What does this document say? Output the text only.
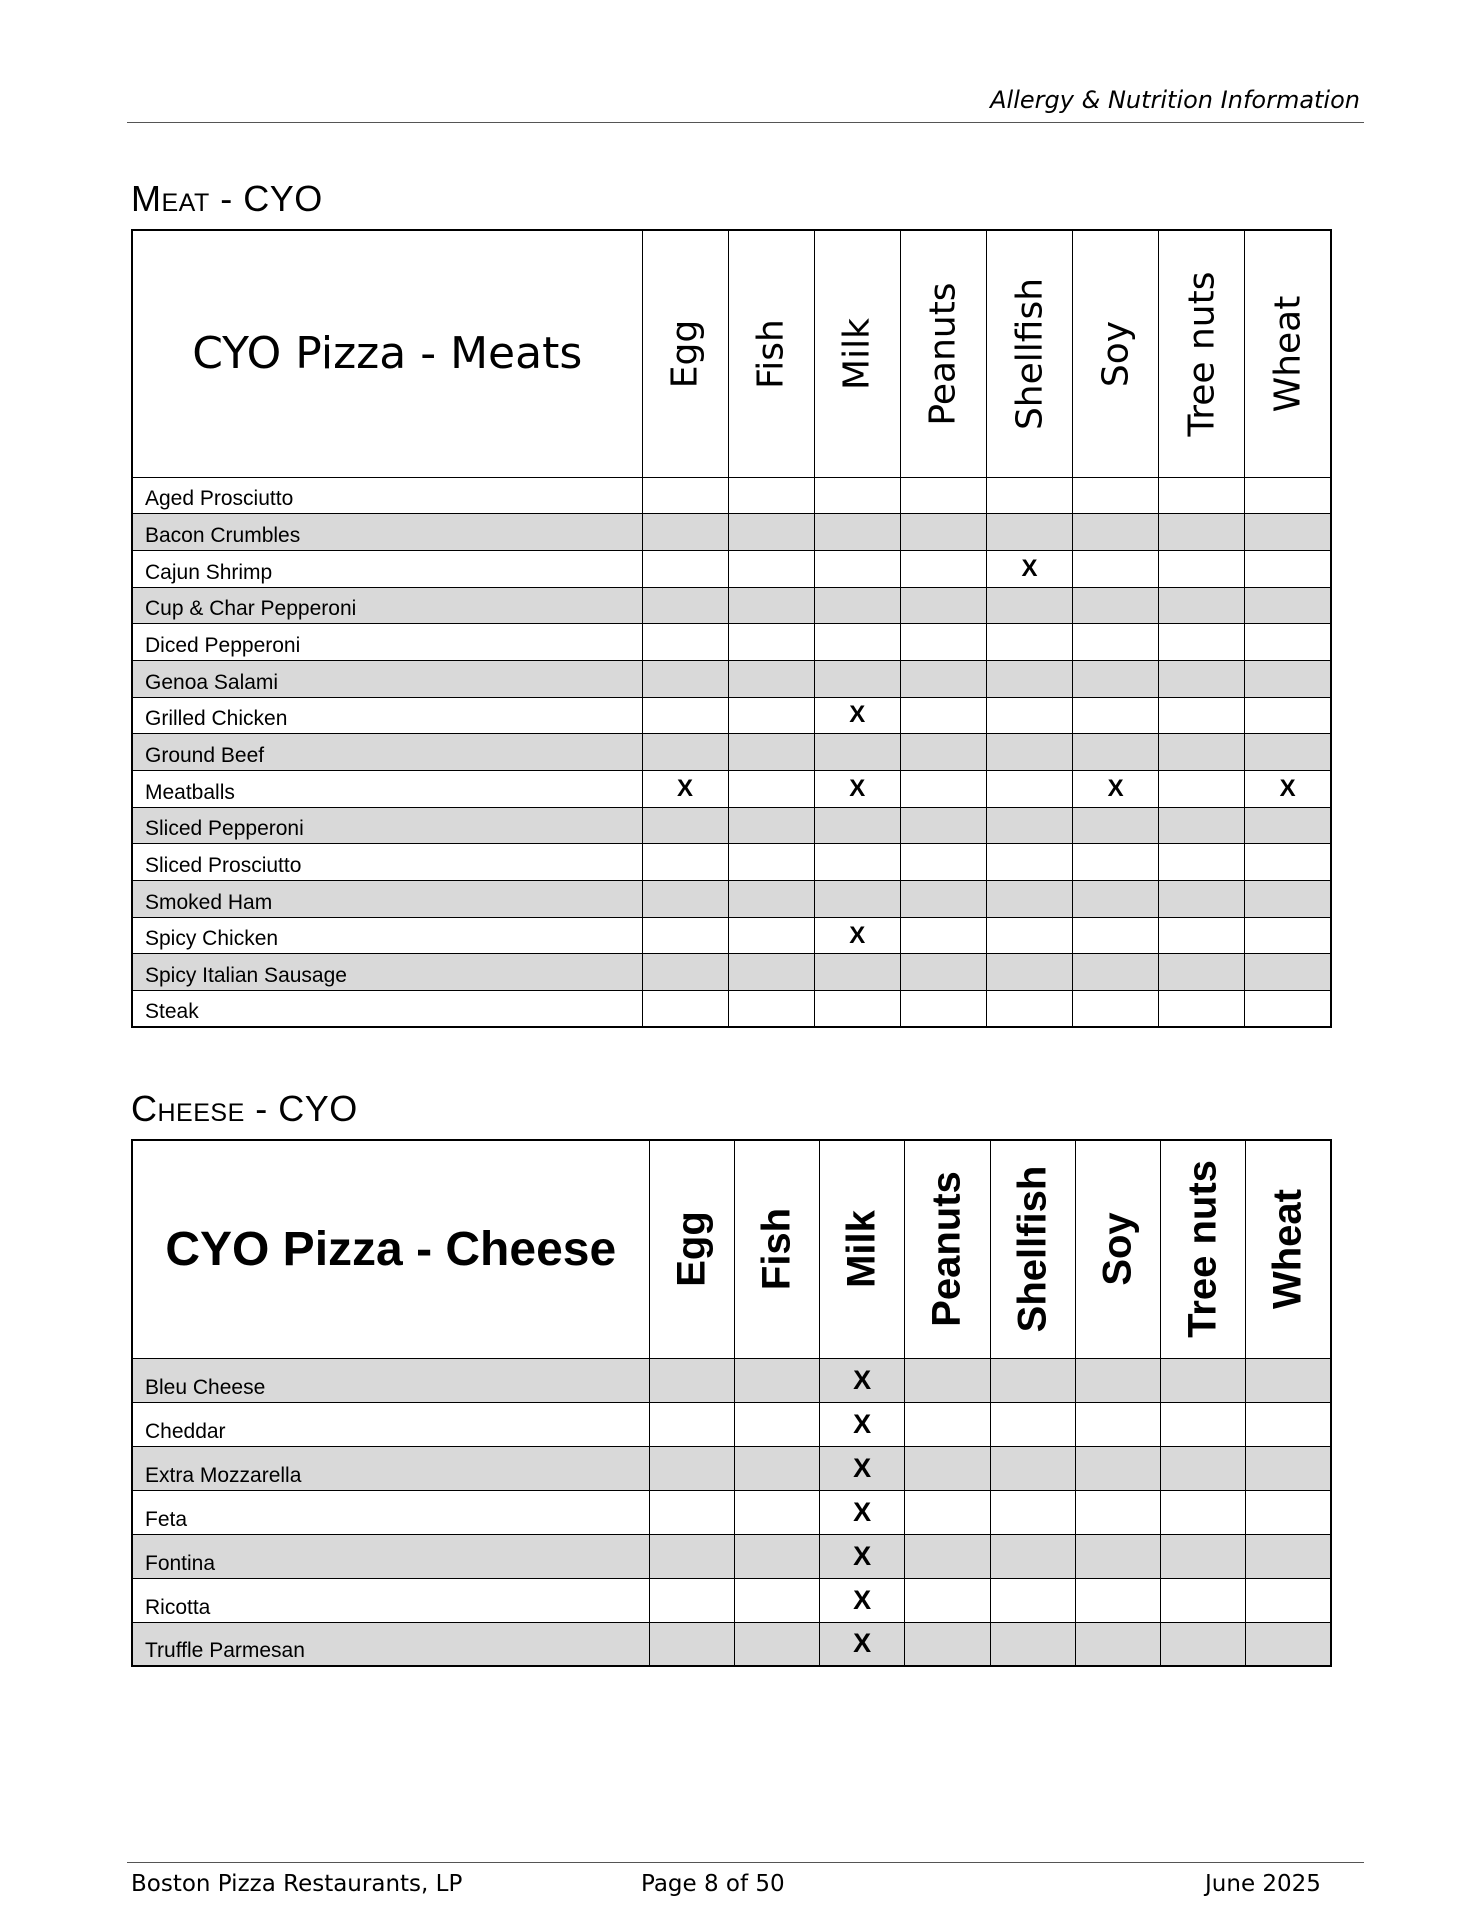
Allergy & Nutrition Information
Meat - CYO
CYO Pizza - Meats	Egg	Fish	Milk	Peanuts	Shellfish	Soy	Tree nuts	Wheat

Aged Prosciutto								
Bacon Crumbles								
Cajun Shrimp					X			
Cup & Char Pepperoni								
Diced Pepperoni								
Genoa Salami								
Grilled Chicken			X					
Ground Beef								
Meatballs	X		X			X		X
Sliced Pepperoni								
Sliced Prosciutto								
Smoked Ham								
Spicy Chicken			X					
Spicy Italian Sausage								
Steak								
Cheese - CYO
CYO Pizza - Cheese	Egg	Fish	Milk	Peanuts	Shellfish	Soy	Tree nuts	Wheat

Bleu Cheese			X					
Cheddar			X					
Extra Mozzarella			X					
Feta			X					
Fontina			X					
Ricotta			X					
Truffle Parmesan			X					
Boston Pizza Restaurants, LP	Page 8 of 50	June 2025
